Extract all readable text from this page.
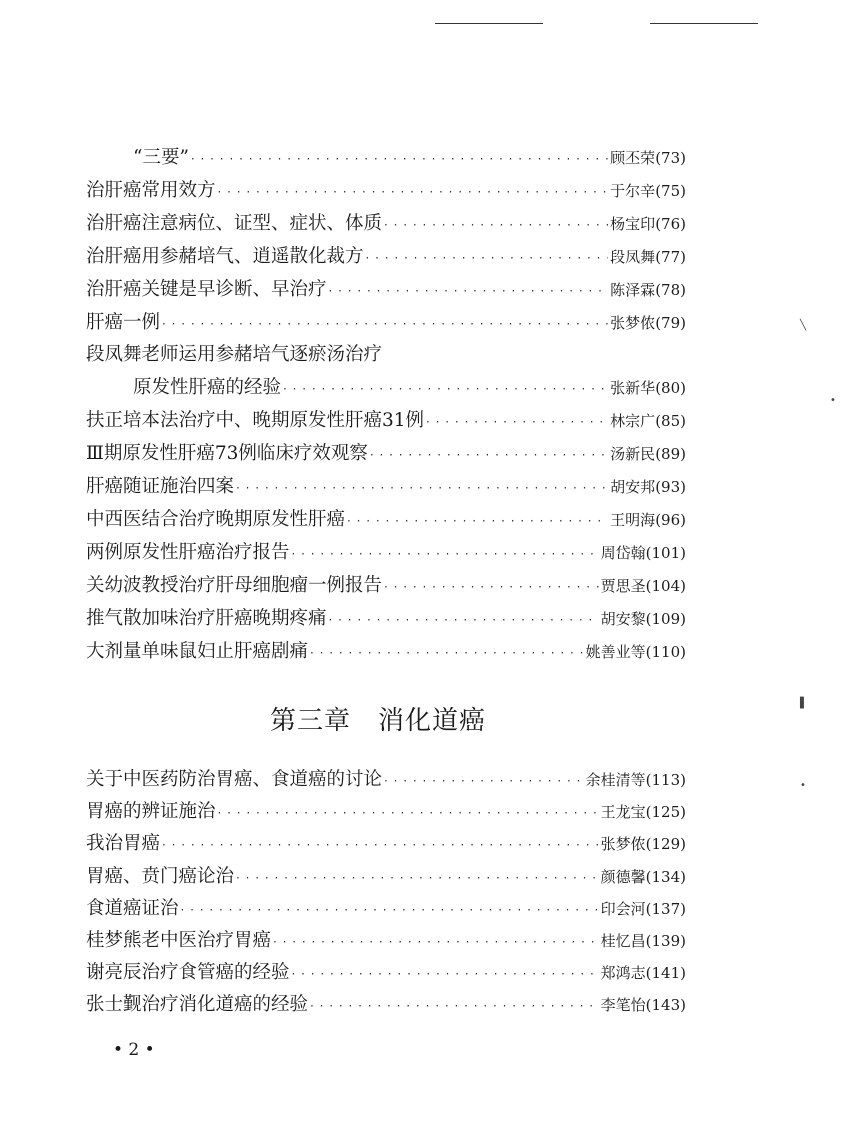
“三要” · · ·	顾丕荣 ( 73 )
治肝癌常用效方 · · ·	于尔辛 ( 75 )
治肝癌注意病位、证型、症状、体质 · · ·	杨宝印 ( 76 )
治肝癌用参赭培气、逍遥散化裁方 · · ·	段凤舞 ( 77 )
治肝癌关键是早诊断、早治疗 · · ·	陈泽霖 ( 78 )
肝癌一例 · · ·	张梦侬 ( 79 )
段凤舞老师运用参赭培气逐瘀汤治疗
原发性肝癌的经验 · · ·	张新华 ( 80 )
扶正培本法治疗中、晚期原发性肝癌31例 · · ·	林宗广 ( 85 )
Ⅲ期原发性肝癌73例临床疗效观察 · · ·	汤新民 ( 89 )
肝癌随证施治四案 · · ·	胡安邦 ( 93 )
中西医结合治疗晚期原发性肝癌 · · ·	王明海 ( 96 )
两例原发性肝癌治疗报告 · · ·	周岱翰 ( 101 )
关幼波教授治疗肝母细胞瘤一例报告 · · ·	贾思圣 ( 104 )
推气散加味治疗肝癌晚期疼痛 · · ·	胡安黎 ( 109 )
大剂量单味鼠妇止肝癌剧痛 · · ·	姚善业等 ( 110 )
第三章　消化道癌
关于中医药防治胃癌、食道癌的讨论 · · ·	余桂清等 ( 113 )
胃癌的辨证施治 · · ·	王龙宝 ( 125 )
我治胃癌 · · ·	张梦侬 ( 129 )
胃癌、贲门癌论治 · · ·	颜德馨 ( 134 )
食道癌证治 · · ·	印会河 ( 137 )
桂梦熊老中医治疗胃癌 · · ·	桂忆昌 ( 139 )
谢亮辰治疗食管癌的经验 · · ·	郑鸿志 ( 141 )
张士觐治疗消化道癌的经验 · · ·	李笔怡 ( 143 )
• 2 •
╲
•
▌
•
